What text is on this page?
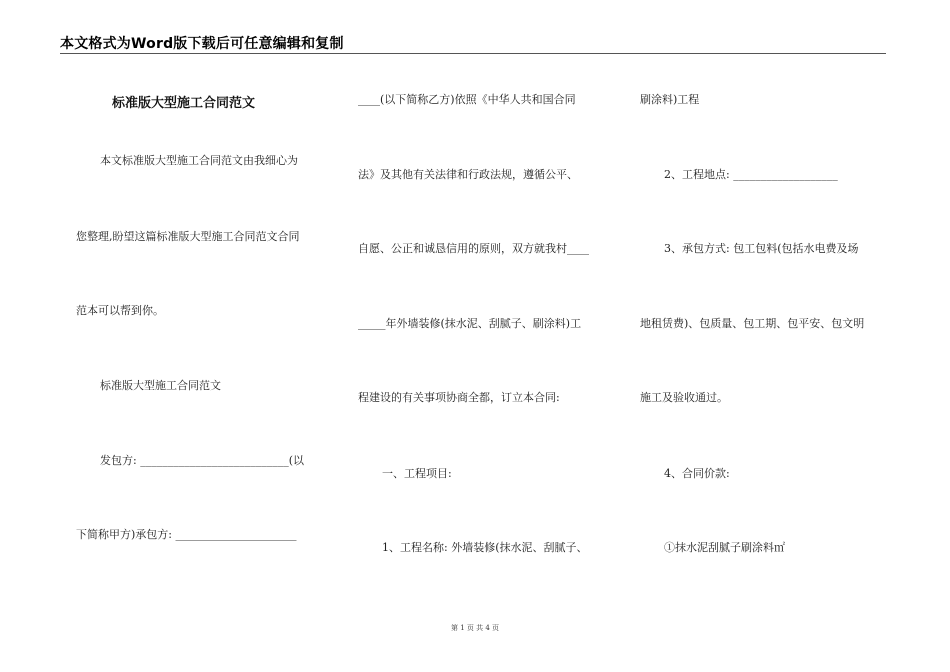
本文格式为Word版下载后可任意编辑和复制
标准版大型施工合同范文
本文标准版大型施工合同范文由我细心为
您整理,盼望这篇标准版大型施工合同范文合同
范本可以帮到你。
标准版大型施工合同范文
发包方: ___________________________(以
下简称甲方)承包方: ______________________
____(以下简称乙方)依照《中华人共和国合同
法》及其他有关法律和行政法规，遵循公平、
自愿、公正和诚恳信用的原则，双方就我村____
_____年外墙装修(抹水泥、刮腻子、刷涂料)工
程建设的有关事项协商全都，订立本合同:
一、工程项目:
1、工程名称: 外墙装修(抹水泥、刮腻子、
刷涂料)工程
2、工程地点: ___________________
3、承包方式: 包工包料(包括水电费及场
地租赁费)、包质量、包工期、包平安、包文明
施工及验收通过。
4、合同价款:
①抹水泥刮腻子刷涂料㎡
第 1 页 共 4 页
